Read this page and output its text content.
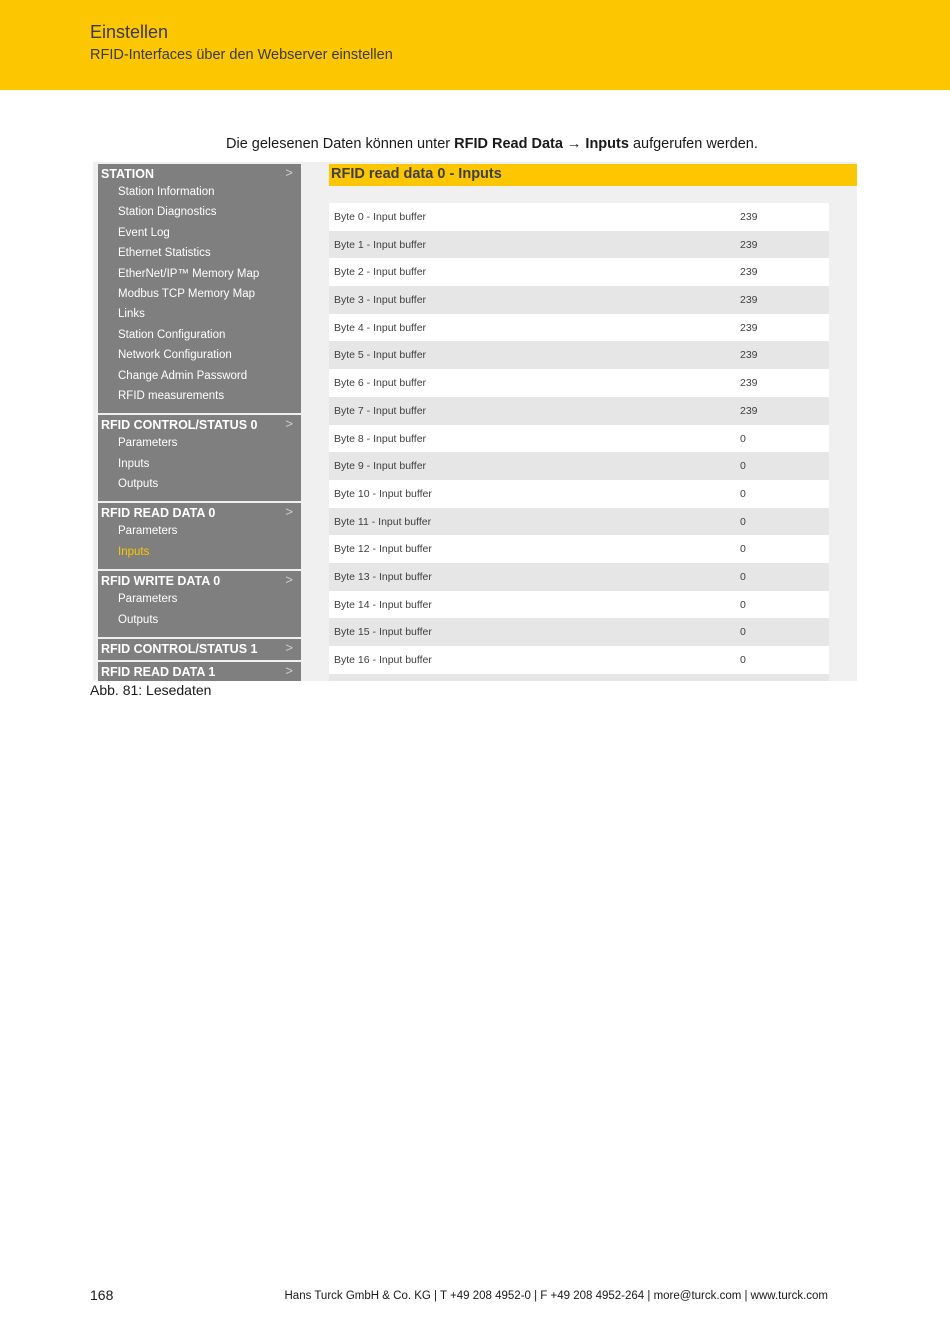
Einstellen
RFID-Interfaces über den Webserver einstellen
Die gelesenen Daten können unter RFID Read Data → Inputs aufgerufen werden.
STATION	>
Station Information
Station Diagnostics
Event Log
Ethernet Statistics
EtherNet/IP™ Memory Map
Modbus TCP Memory Map
Links
Station Configuration
Network Configuration
Change Admin Password
RFID measurements
RFID CONTROL/STATUS 0 >
Parameters
Inputs
Outputs
RFID READ DATA 0	>
Parameters
Inputs
RFID WRITE DATA 0	>
Parameters
Outputs
RFID CONTROL/STATUS 1 >
RFID READ DATA 1	>
RFID read data 0 - Inputs
Byte 0 - Input buffer	239
Byte 1 - Input buffer	239
Byte 2 - Input buffer	239
Byte 3 - Input buffer	239
Byte 4 - Input buffer	239
Byte 5 - Input buffer	239
Byte 6 - Input buffer	239
Byte 7 - Input buffer	239
Byte 8 - Input buffer	0
Byte 9 - Input buffer	0
Byte 10 - Input buffer	0
Byte 11 - Input buffer	0
Byte 12 - Input buffer	0
Byte 13 - Input buffer	0
Byte 14 - Input buffer	0
Byte 15 - Input buffer	0
Byte 16 - Input buffer	0
Abb. 81: Lesedaten
168	Hans Turck GmbH & Co. KG | T +49 208 4952-0 | F +49 208 4952-264 | more@turck.com | www.turck.com
